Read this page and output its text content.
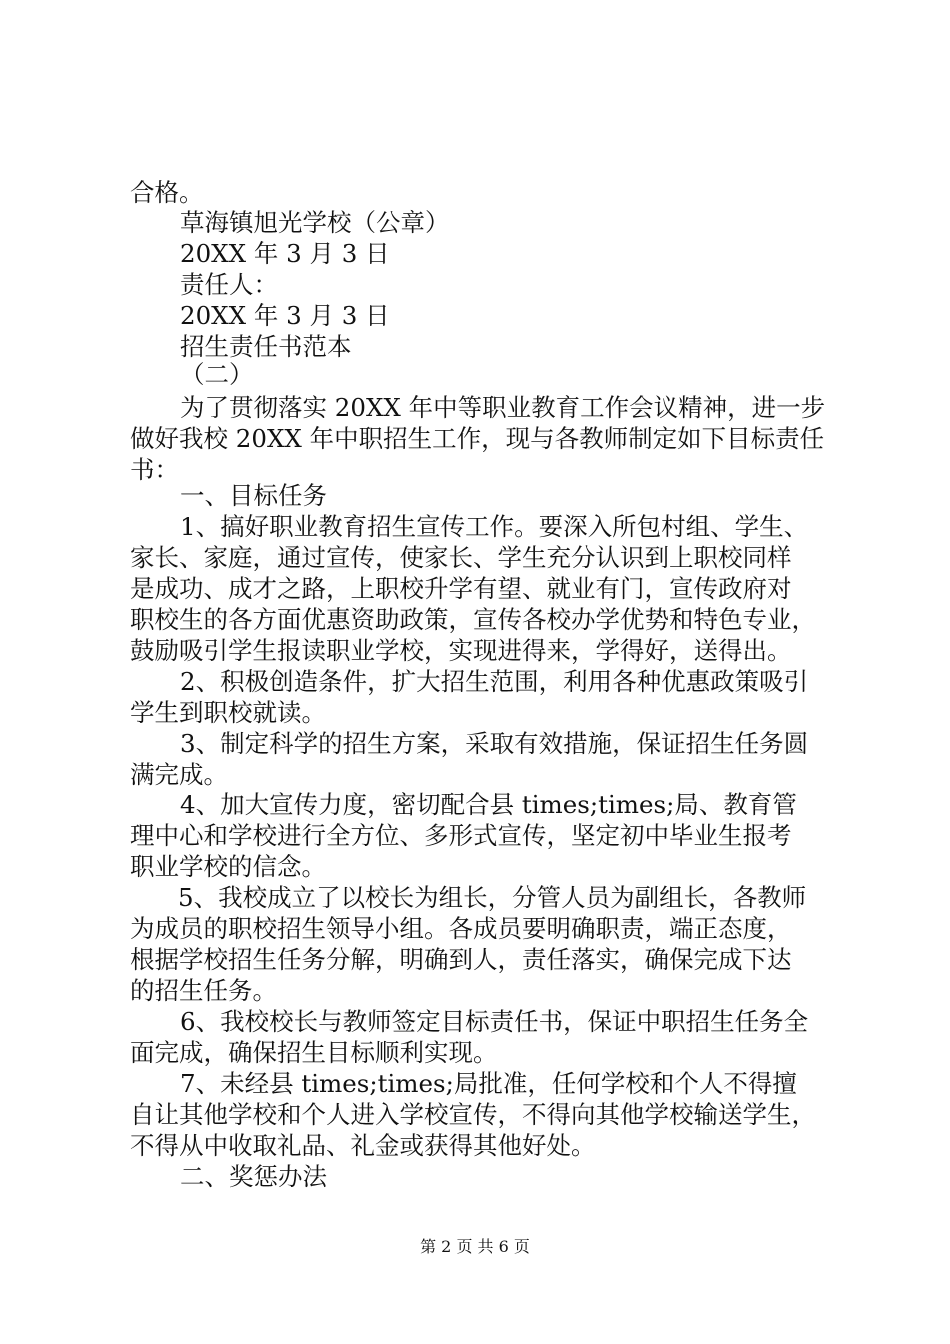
合格。
草海镇旭光学校（公章）
20XX 年 3 月 3 日
责任人：
20XX 年 3 月 3 日
招生责任书范本
（二）
为了贯彻落实 20XX 年中等职业教育工作会议精神，进一步
做好我校 20XX 年中职招生工作，现与各教师制定如下目标责任
书：
一、目标任务
1、搞好职业教育招生宣传工作。要深入所包村组、学生、
家长、家庭，通过宣传，使家长、学生充分认识到上职校同样
是成功、成才之路，上职校升学有望、就业有门，宣传政府对
职校生的各方面优惠资助政策，宣传各校办学优势和特色专业，
鼓励吸引学生报读职业学校，实现进得来，学得好，送得出。
2、积极创造条件，扩大招生范围，利用各种优惠政策吸引
学生到职校就读。
3、制定科学的招生方案，采取有效措施，保证招生任务圆
满完成。
4、加大宣传力度，密切配合县 times;times;局、教育管
理中心和学校进行全方位、多形式宣传，坚定初中毕业生报考
职业学校的信念。
5、我校成立了以校长为组长，分管人员为副组长，各教师
为成员的职校招生领导小组。各成员要明确职责，端正态度，
根据学校招生任务分解，明确到人，责任落实，确保完成下达
的招生任务。
6、我校校长与教师签定目标责任书，保证中职招生任务全
面完成，确保招生目标顺利实现。
7、未经县 times;times;局批准，任何学校和个人不得擅
自让其他学校和个人进入学校宣传，不得向其他学校输送学生，
不得从中收取礼品、礼金或获得其他好处。
二、奖惩办法
第 2 页 共 6 页
